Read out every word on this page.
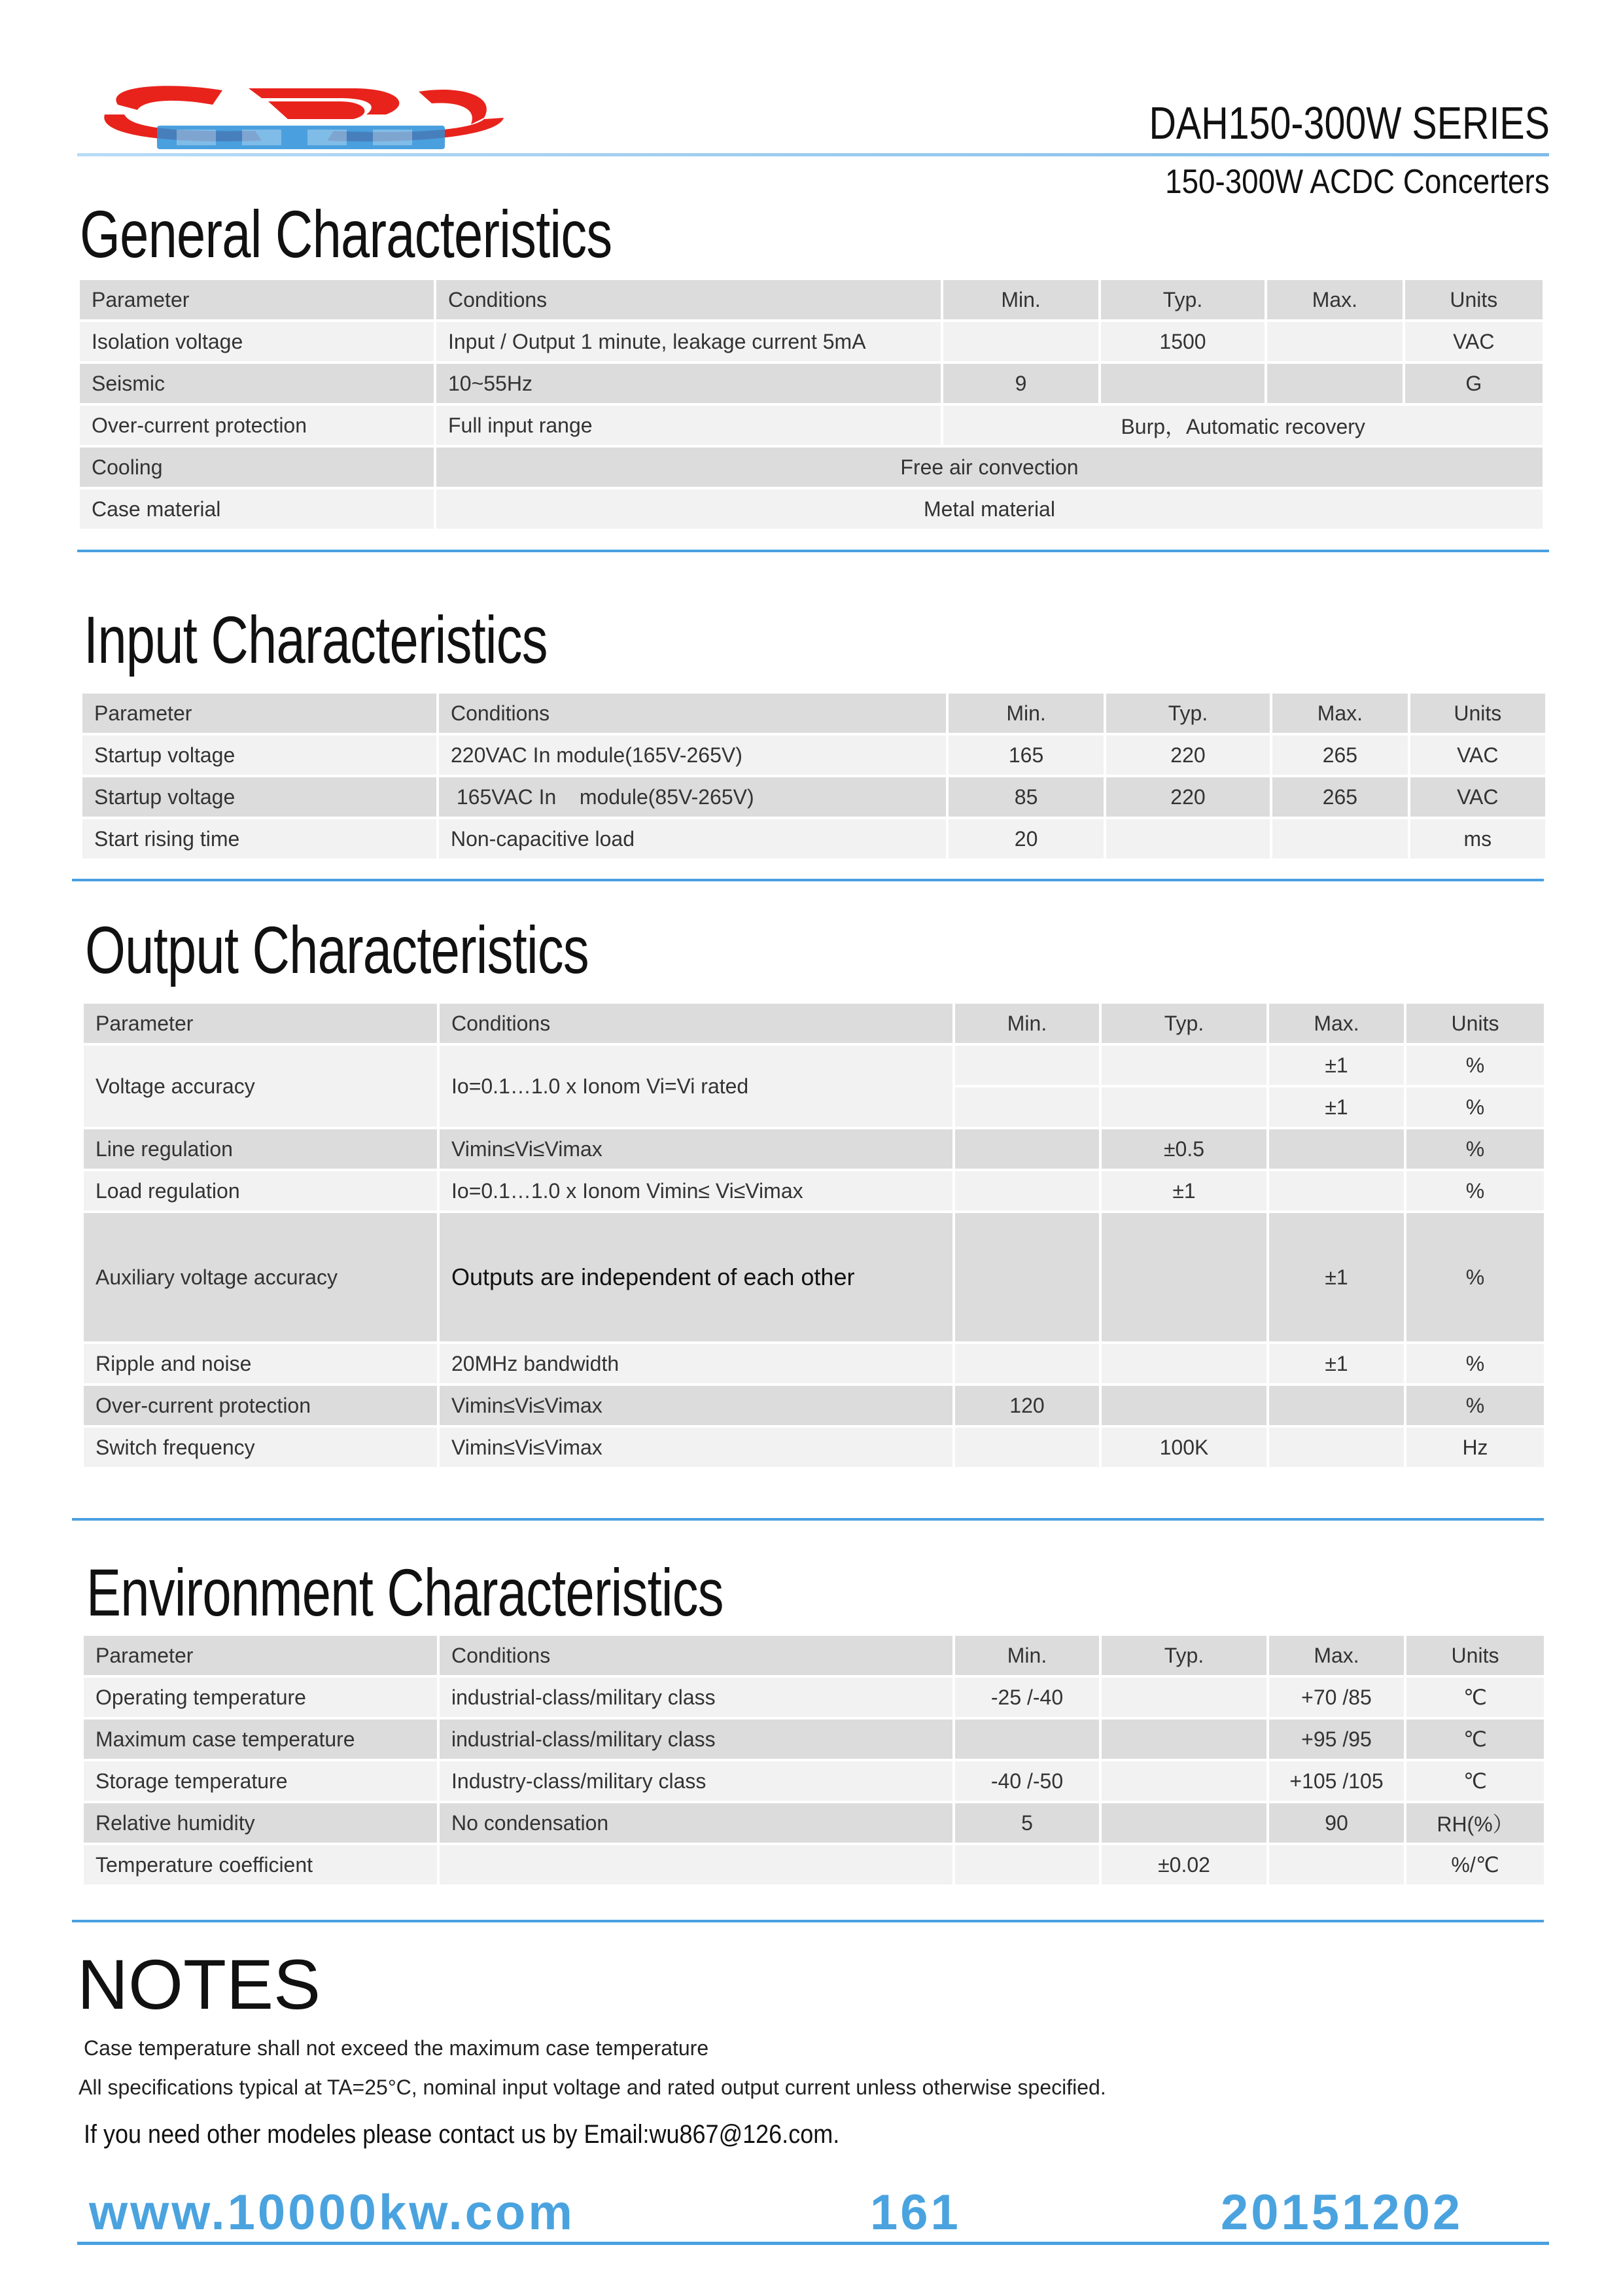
DAH150-300W SERIES
150-300W ACDC Concerters
General Characteristics
Parameter	Conditions	Min.	Typ.	Max.	Units
Isolation voltage	Input / Output 1 minute, leakage current 5mA		1500		VAC
Seismic	10~55Hz	9			G
Over-current protection	Full input range	Burp，Automatic recovery			
Cooling	Free air convection				
Case material	Metal material				
Input Characteristics
Parameter	Conditions	Min.	Typ.	Max.	Units
Startup voltage	220VAC In module(165V-265V)	165	220	265	VAC
Startup voltage	165VAC In    module(85V-265V)	85	220	265	VAC
Start rising time	Non-capacitive load	20			ms
Output Characteristics
Parameter	Conditions	Min.	Typ.	Max.	Units
Voltage accuracy	Io=0.1…1.0 x Ionom Vi=Vi rated			±1	%
				±1	%
Line regulation	Vimin≤Vi≤Vimax		±0.5		%
Load regulation	Io=0.1…1.0 x Ionom Vimin≤ Vi≤Vimax		±1		%
Auxiliary voltage accuracy	Outputs are independent of each other			±1	%
Ripple and noise	20MHz bandwidth			±1	%
Over-current protection	Vimin≤Vi≤Vimax	120			%
Switch frequency	Vimin≤Vi≤Vimax		100K		Hz
Environment Characteristics
Parameter	Conditions	Min.	Typ.	Max.	Units
Operating temperature	industrial-class/military class	-25 /-40		+70 /85	℃
Maximum case temperature	industrial-class/military class			+95 /95	℃
Storage temperature	Industry-class/military class	-40 /-50		+105 /105	℃
Relative humidity	No condensation	5		90	RH(%）
Temperature coefficient			±0.02		%/℃
NOTES
Case temperature shall not exceed the maximum case temperature
All specifications typical at TA=25°C, nominal input voltage and rated output current unless otherwise specified.
If you need other modeles please contact us by Email:wu867@126.com.
www.10000kw.com	161	20151202
